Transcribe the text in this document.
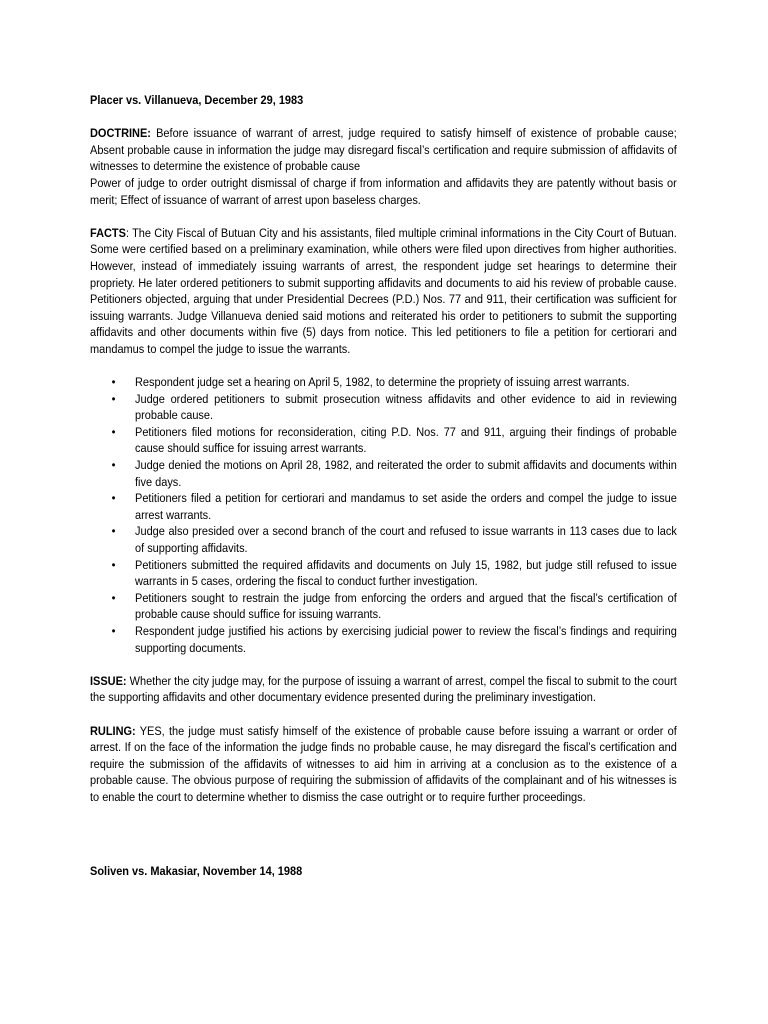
Placer vs. Villanueva, December 29, 1983

DOCTRINE: Before issuance of warrant of arrest, judge required to satisfy himself of existence of probable cause; Absent probable cause in information the judge may disregard fiscal’s certification and require submission of affidavits of witnesses to determine the existence of probable cause

Power of judge to order outright dismissal of charge if from information and affidavits they are patently without basis or merit; Effect of issuance of warrant of arrest upon baseless charges.

FACTS: The City Fiscal of Butuan City and his assistants, filed multiple criminal informations in the City Court of Butuan. Some were certified based on a preliminary examination, while others were filed upon directives from higher authorities. However, instead of immediately issuing warrants of arrest, the respondent judge set hearings to determine their propriety. He later ordered petitioners to submit supporting affidavits and documents to aid his review of probable cause. Petitioners objected, arguing that under Presidential Decrees (P.D.) Nos. 77 and 911, their certification was sufficient for issuing warrants. Judge Villanueva denied said motions and reiterated his order to petitioners to submit the supporting affidavits and other documents within five (5) days from notice. This led petitioners to file a petition for certiorari and mandamus to compel the judge to issue the warrants.

• Respondent judge set a hearing on April 5, 1982, to determine the propriety of issuing arrest warrants.
• Judge ordered petitioners to submit prosecution witness affidavits and other evidence to aid in reviewing probable cause.
• Petitioners filed motions for reconsideration, citing P.D. Nos. 77 and 911, arguing their findings of probable cause should suffice for issuing arrest warrants.
• Judge denied the motions on April 28, 1982, and reiterated the order to submit affidavits and documents within five days.
• Petitioners filed a petition for certiorari and mandamus to set aside the orders and compel the judge to issue arrest warrants.
• Judge also presided over a second branch of the court and refused to issue warrants in 113 cases due to lack of supporting affidavits.
• Petitioners submitted the required affidavits and documents on July 15, 1982, but judge still refused to issue warrants in 5 cases, ordering the fiscal to conduct further investigation.
• Petitioners sought to restrain the judge from enforcing the orders and argued that the fiscal’s certification of probable cause should suffice for issuing warrants.
• Respondent judge justified his actions by exercising judicial power to review the fiscal’s findings and requiring supporting documents.

ISSUE: Whether the city judge may, for the purpose of issuing a warrant of arrest, compel the fiscal to submit to the court the supporting affidavits and other documentary evidence presented during the preliminary investigation.

RULING: YES, the judge must satisfy himself of the existence of probable cause before issuing a warrant or order of arrest. If on the face of the information the judge finds no probable cause, he may disregard the fiscal’s certification and require the submission of the affidavits of witnesses to aid him in arriving at a conclusion as to the existence of a probable cause. The obvious purpose of requiring the submission of affidavits of the complainant and of his witnesses is to enable the court to determine whether to dismiss the case outright or to require further proceedings.

Soliven vs. Makasiar, November 14, 1988
